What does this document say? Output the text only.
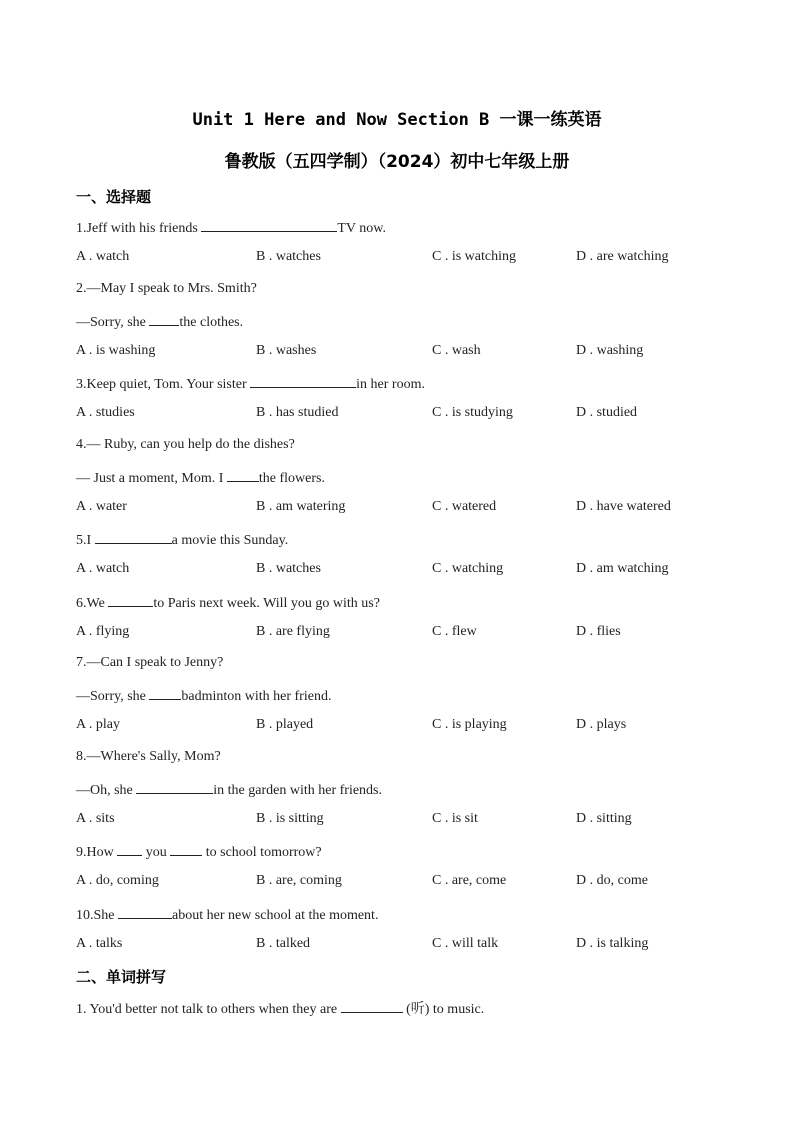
Unit 1 Here and Now Section B 一课一练英语
鲁教版（五四学制）（2024）初中七年级上册
一、选择题
1.Jeff with his friends	TV now.
A . watch	B . watches	C . is watching	D . are watching
2.—May I speak to Mrs. Smith?
—Sorry, she the clothes.
A . is washing	B . washes	C . wash	D . washing
3.Keep quiet, Tom. Your sister	in her room.
A . studies	B . has studied	C . is studying	D . studied
4.— Ruby, can you help do the dishes?
— Just a moment, Mom. I the flowers.
A . water	B . am watering	C . watered	D . have watered
5.I	a movie this Sunday.
A . watch	B . watches	C . watching	D . am watching
6.We	to Paris next week. Will you go with us?
A . flying	B . are flying	C . flew	D . flies
7.—Can I speak to Jenny?
—Sorry, she badminton with her friend.
A . play	B . played	C . is playing	D . plays
8.—Where's Sally, Mom?
—Oh, she	in the garden with her friends.
A . sits	B . is sitting	C . is sit	D . sitting
9.How  you  to school tomorrow?
A . do, coming	B . are, coming	C . are, come	D . do, come
10.She	about her new school at the moment.
A . talks	B . talked	C . will talk	D . is talking
二、单词拼写
1. You'd better not talk to others when they are	(听) to music.
